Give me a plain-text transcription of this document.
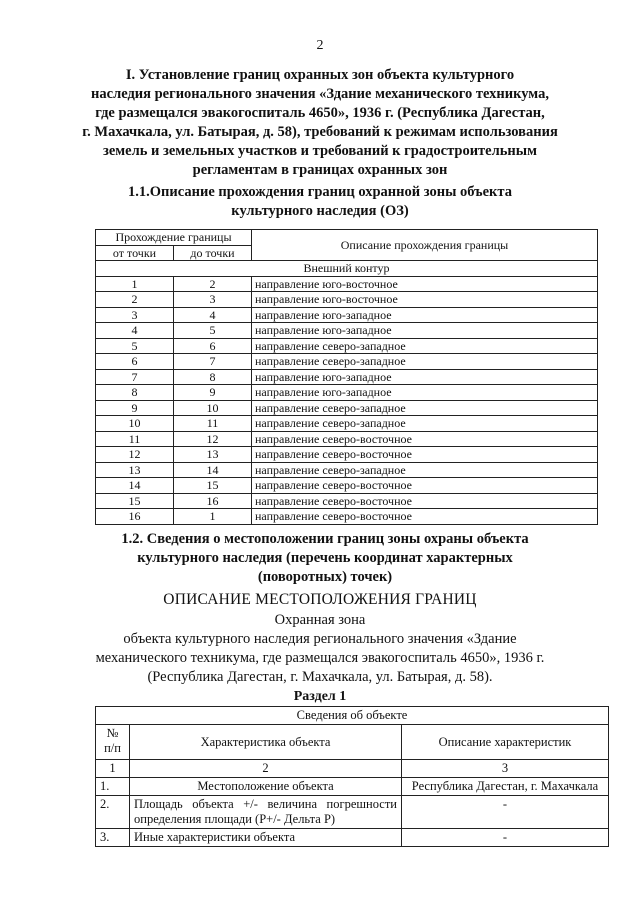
2
I. Установление границ охранных зон объекта культурного
наследия регионального значения «Здание механического техникума,
где размещался эвакогоспиталь 4650», 1936 г. (Республика Дагестан,
г. Махачкала, ул. Батырая, д. 58), требований к режимам использования
земель и земельных участков и требований к градостроительным
регламентам в границах охранных зон
1.1.Описание прохождения границ охранной зоны объекта
культурного наследия (ОЗ)
Прохождение границы		Описание прохождения границы
от точки	до точки	
Внешний контур		
1	2	направление юго-восточное
2	3	направление юго-восточное
3	4	направление юго-западное
4	5	направление юго-западное
5	6	направление северо-западное
6	7	направление северо-западное
7	8	направление юго-западное
8	9	направление юго-западное
9	10	направление северо-западное
10	11	направление северо-западное
11	12	направление северо-восточное
12	13	направление северо-восточное
13	14	направление северо-западное
14	15	направление северо-восточное
15	16	направление северо-восточное
16	1	направление северо-восточное
1.2. Сведения о местоположении границ зоны охраны объекта
культурного наследия (перечень координат характерных
(поворотных) точек)
ОПИСАНИЕ МЕСТОПОЛОЖЕНИЯ ГРАНИЦ
Охранная зона
объекта культурного наследия регионального значения «Здание
механического техникума, где размещался эвакогоспиталь 4650», 1936 г.
(Республика Дагестан, г. Махачкала, ул. Батырая, д. 58).
Раздел 1
Сведения об объекте		
№ п/п	Характеристика объекта	Описание характеристик
1	2	3
1.	Местоположение объекта	Республика Дагестан, г. Махачкала
2.	Площадь объекта +/- величина погрешности определения площади (Р+/- Дельта Р)	-
3.	Иные характеристики объекта	-
